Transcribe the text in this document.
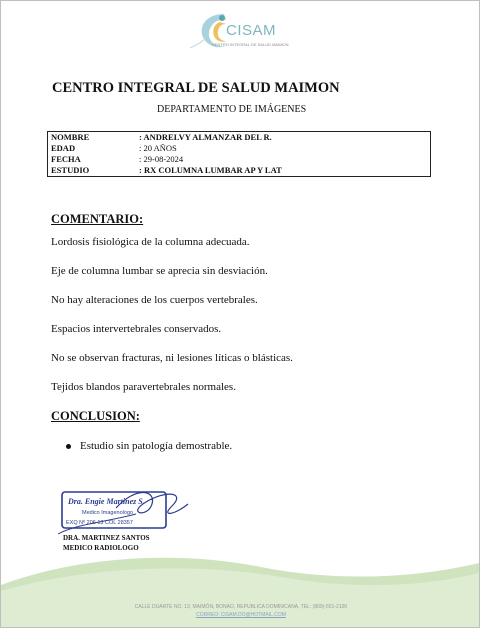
CISAM
CENTRO INTEGRAL DE SALUD MAIMON
CENTRO INTEGRAL DE SALUD MAIMON
DEPARTAMENTO DE IMÁGENES
NOMBRE	: ANDRELVY ALMANZAR DEL R.
EDAD	: 20 AÑOS
FECHA	: 29-08-2024
ESTUDIO	: RX COLUMNA LUMBAR AP Y LAT
COMENTARIO:
Lordosis fisiológica de la columna adecuada.
Eje de columna lumbar se aprecia sin desviación.
No hay alteraciones de los cuerpos vertebrales.
Espacios intervertebrales conservados.
No se observan fracturas, ni lesiones líticas o blásticas.
Tejidos blandos paravertebrales normales.
CONCLUSION:
Estudio sin patología demostrable.
Dra. Engie Martinez S.
Medico Imagenologo
EXQ Nº 206 13 COL 28357
DRA. MARTINEZ SANTOS
MEDICO RADIOLOGO
CALLE DUARTE NO. 13, MAIMÓN, BONAO, REPUBLICA DOMINICANA, TEL: (809)-551-2100
CORREO: CISAM.DO@HOTMAIL.COM
